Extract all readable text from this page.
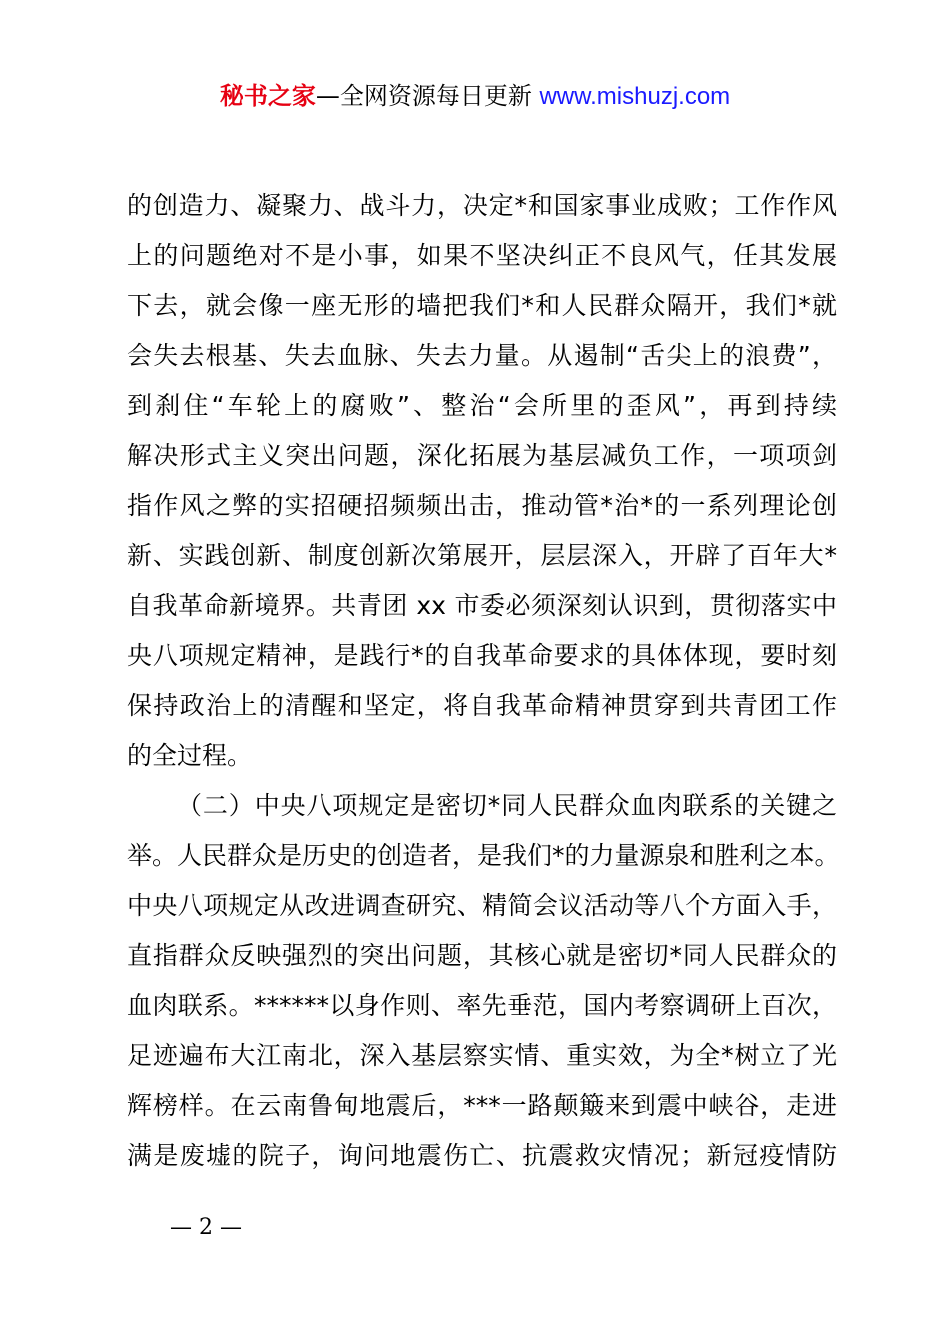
秘书之家—全网资源每日更新 www.mishuzj.com
的创造力、凝聚力、战斗力，决定*和国家事业成败；工作作风
上的问题绝对不是小事，如果不坚决纠正不良风气，任其发展
下去，就会像一座无形的墙把我们*和人民群众隔开，我们*就
会失去根基、失去血脉、失去力量。从遏制“舌尖上的浪费”，
到刹住“车轮上的腐败”、整治“会所里的歪风”，再到持续
解决形式主义突出问题，深化拓展为基层减负工作，一项项剑
指作风之弊的实招硬招频频出击，推动管*治*的一系列理论创
新、实践创新、制度创新次第展开，层层深入，开辟了百年大*
自我革命新境界。共青团 xx 市委必须深刻认识到，贯彻落实中
央八项规定精神，是践行*的自我革命要求的具体体现，要时刻
保持政治上的清醒和坚定，将自我革命精神贯穿到共青团工作
的全过程。
（二）中央八项规定是密切*同人民群众血肉联系的关键之
举。人民群众是历史的创造者，是我们*的力量源泉和胜利之本。
中央八项规定从改进调查研究、精简会议活动等八个方面入手，
直指群众反映强烈的突出问题，其核心就是密切*同人民群众的
血肉联系。******以身作则、率先垂范，国内考察调研上百次，
足迹遍布大江南北，深入基层察实情、重实效，为全*树立了光
辉榜样。在云南鲁甸地震后，***一路颠簸来到震中峡谷，走进
满是废墟的院子，询问地震伤亡、抗震救灾情况；新冠疫情防
— 2 —
